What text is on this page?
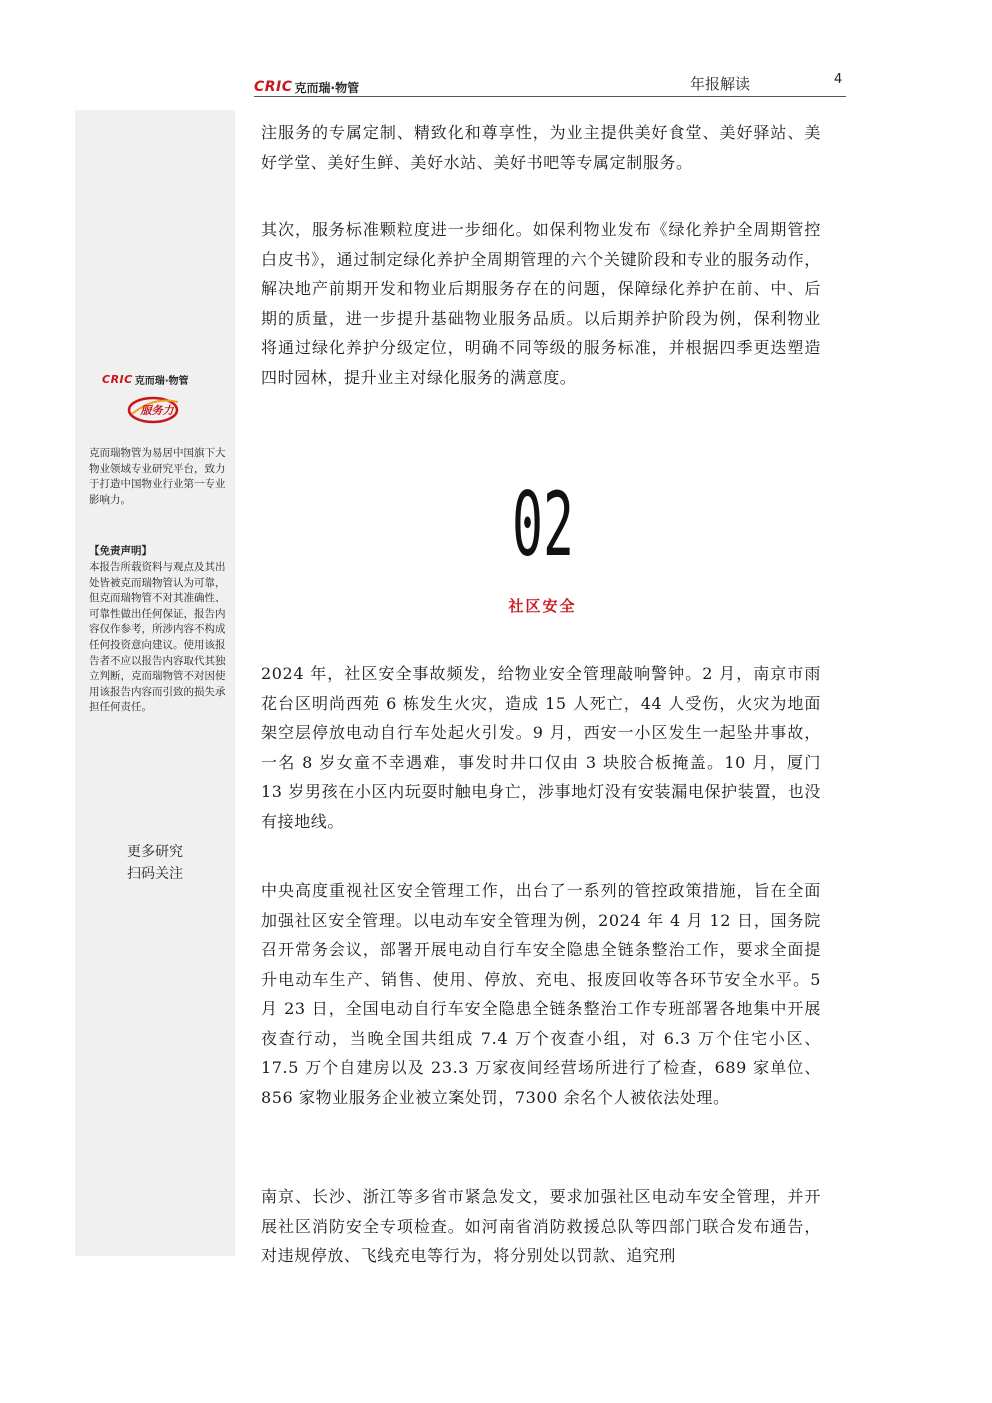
CRIC 克而瑞·物管	年报解读	4
CRIC 克而瑞·物管
服务力
克而瑞物管为易居中国旗下大物业领域专业研究平台，致力于打造中国物业行业第一专业影响力。
【免责声明】
本报告所载资料与观点及其出处皆被克而瑞物管认为可靠，但克而瑞物管不对其准确性、可靠性做出任何保证，报告内容仅作参考，所涉内容不构成任何投资意向建议。使用该报告者不应以报告内容取代其独立判断，克而瑞物管不对因使用该报告内容而引致的损失承担任何责任。
更多研究
扫码关注

注服务的专属定制、精致化和尊享性，为业主提供美好食堂、美好驿站、美好学堂、美好生鲜、美好水站、美好书吧等专属定制服务。

其次，服务标准颗粒度进一步细化。如保利物业发布《绿化养护全周期管控白皮书》，通过制定绿化养护全周期管理的六个关键阶段和专业的服务动作，解决地产前期开发和物业后期服务存在的问题，保障绿化养护在前、中、后期的质量，进一步提升基础物业服务品质。以后期养护阶段为例，保利物业将通过绿化养护分级定位，明确不同等级的服务标准，并根据四季更迭塑造四时园林，提升业主对绿化服务的满意度。

02
社区安全

2024 年，社区安全事故频发，给物业安全管理敲响警钟。2 月，南京市雨花台区明尚西苑 6 栋发生火灾，造成 15 人死亡，44 人受伤，火灾为地面架空层停放电动自行车处起火引发。9 月，西安一小区发生一起坠井事故，一名 8 岁女童不幸遇难，事发时井口仅由 3 块胶合板掩盖。10 月，厦门 13 岁男孩在小区内玩耍时触电身亡，涉事地灯没有安装漏电保护装置，也没有接地线。

中央高度重视社区安全管理工作，出台了一系列的管控政策措施，旨在全面加强社区安全管理。以电动车安全管理为例，2024 年 4 月 12 日，国务院召开常务会议，部署开展电动自行车安全隐患全链条整治工作，要求全面提升电动车生产、销售、使用、停放、充电、报废回收等各环节安全水平。5 月 23 日，全国电动自行车安全隐患全链条整治工作专班部署各地集中开展夜查行动，当晚全国共组成 7.4 万个夜查小组，对 6.3 万个住宅小区、17.5 万个自建房以及 23.3 万家夜间经营场所进行了检查，689 家单位、856 家物业服务企业被立案处罚，7300 余名个人被依法处理。

南京、长沙、浙江等多省市紧急发文，要求加强社区电动车安全管理，并开展社区消防安全专项检查。如河南省消防救援总队等四部门联合发布通告，对违规停放、飞线充电等行为，将分别处以罚款、追究刑
